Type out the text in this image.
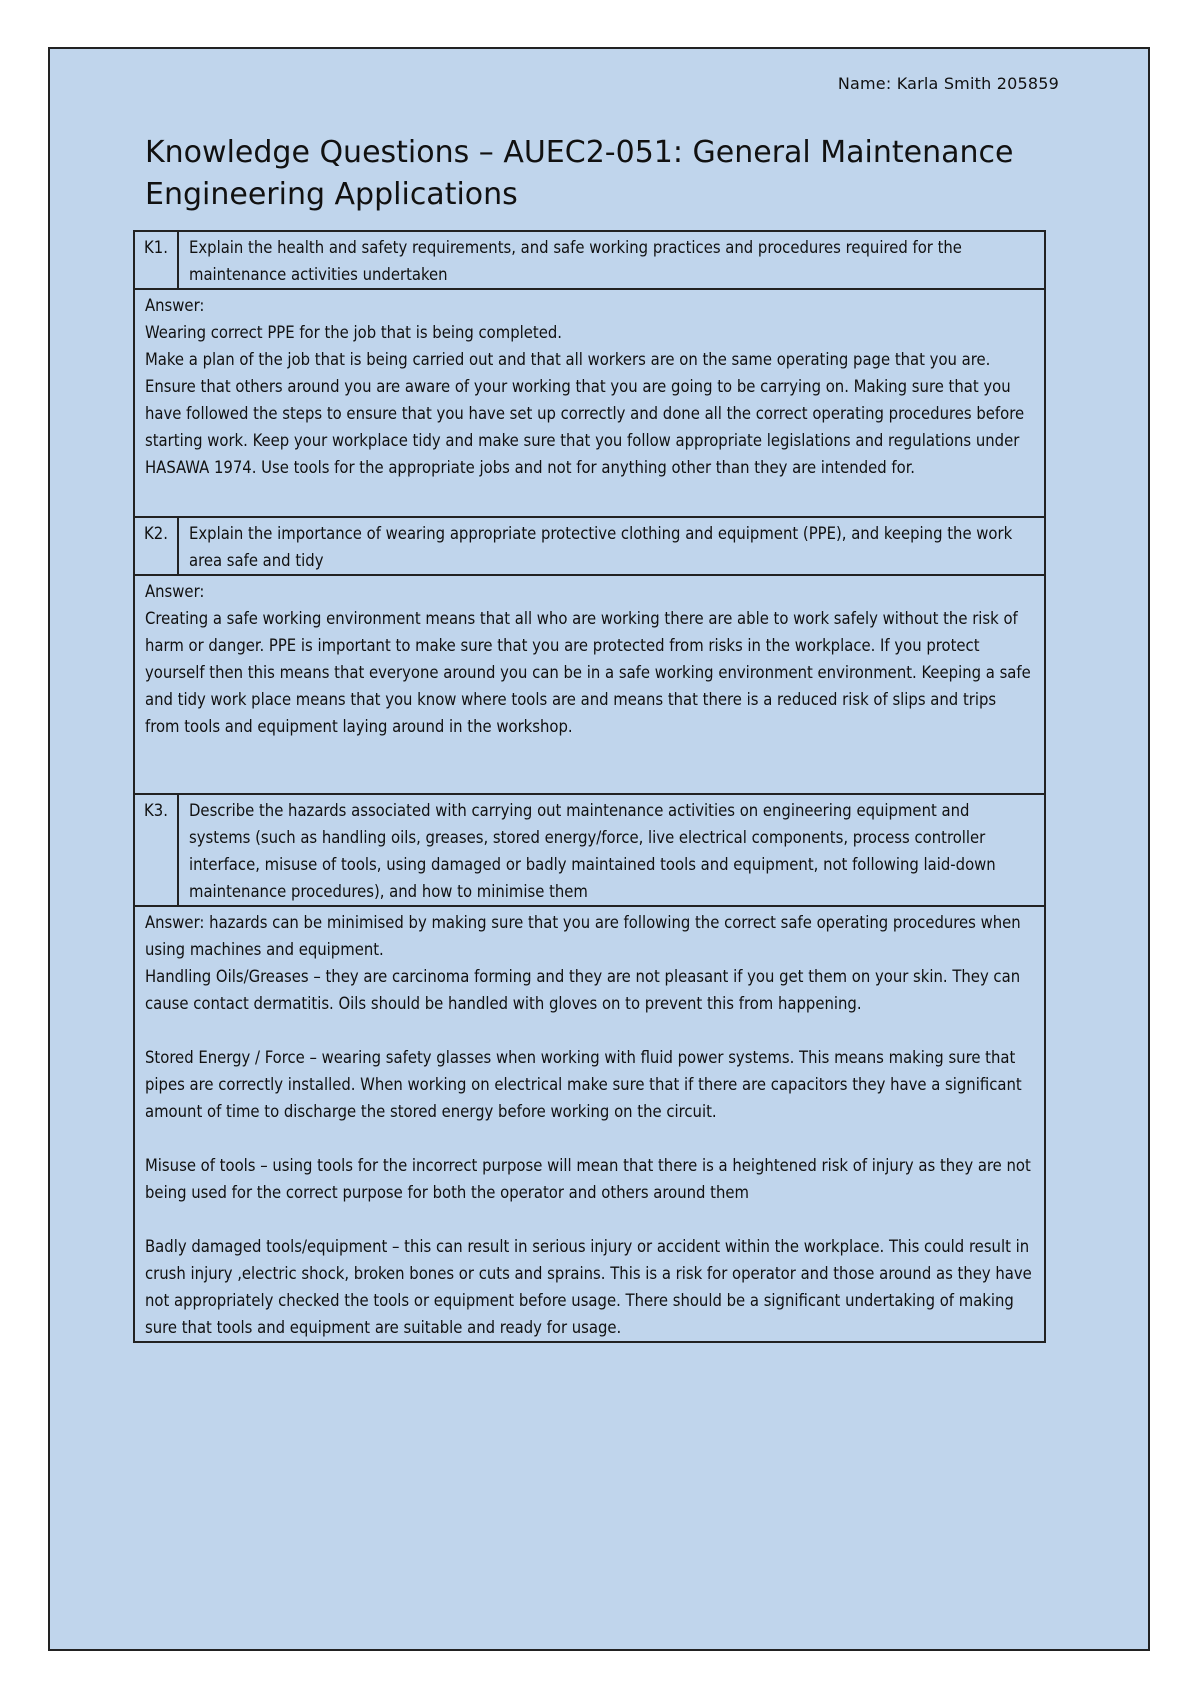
Name: Karla Smith 205859
Knowledge Questions – AUEC2-051: General Maintenance Engineering Applications
K1.	Explain the health and safety requirements, and safe working practices and procedures required for the maintenance activities undertaken

Answer:
Wearing correct PPE for the job that is being completed.
Make a plan of the job that is being carried out and that all workers are on the same operating page that you are. Ensure that others around you are aware of your working that you are going to be carrying on. Making sure that you have followed the steps to ensure that you have set up correctly and done all the correct operating procedures before starting work. Keep your workplace tidy and make sure that you follow appropriate legislations and regulations under HASAWA 1974. Use tools for the appropriate jobs and not for anything other than they are intended for.	

K2.	Explain the importance of wearing appropriate protective clothing and equipment (PPE), and keeping the work area safe and tidy

Answer:
Creating a safe working environment means that all who are working there are able to work safely without the risk of harm or danger. PPE is important to make sure that you are protected from risks in the workplace. If you protect yourself then this means that everyone around you can be in a safe working environment environment. Keeping a safe and tidy work place means that you know where tools are and means that there is a reduced risk of slips and trips from tools and equipment laying around in the workshop.	

K3.	Describe the hazards associated with carrying out maintenance activities on engineering equipment and systems (such as handling oils, greases, stored energy/force, live electrical components, process controller interface, misuse of tools, using damaged or badly maintained tools and equipment, not following laid-down maintenance procedures), and how to minimise them

Answer: hazards can be minimised by making sure that you are following the correct safe operating procedures when using machines and equipment.
Handling Oils/Greases – they are carcinoma forming and they are not pleasant if you get them on your skin. They can cause contact dermatitis. Oils should be handled with gloves on to prevent this from happening.
Stored Energy / Force – wearing safety glasses when working with fluid power systems. This means making sure that pipes are correctly installed. When working on electrical make sure that if there are capacitors they have a significant amount of time to discharge the stored energy before working on the circuit.
Misuse of tools – using tools for the incorrect purpose will mean that there is a heightened risk of injury as they are not being used for the correct purpose for both the operator and others around them
Badly damaged tools/equipment – this can result in serious injury or accident within the workplace. This could result in crush injury ,electric shock, broken bones or cuts and sprains. This is a risk for operator and those around as they have not appropriately checked the tools or equipment before usage. There should be a significant undertaking of making sure that tools and equipment are suitable and ready for usage.	
